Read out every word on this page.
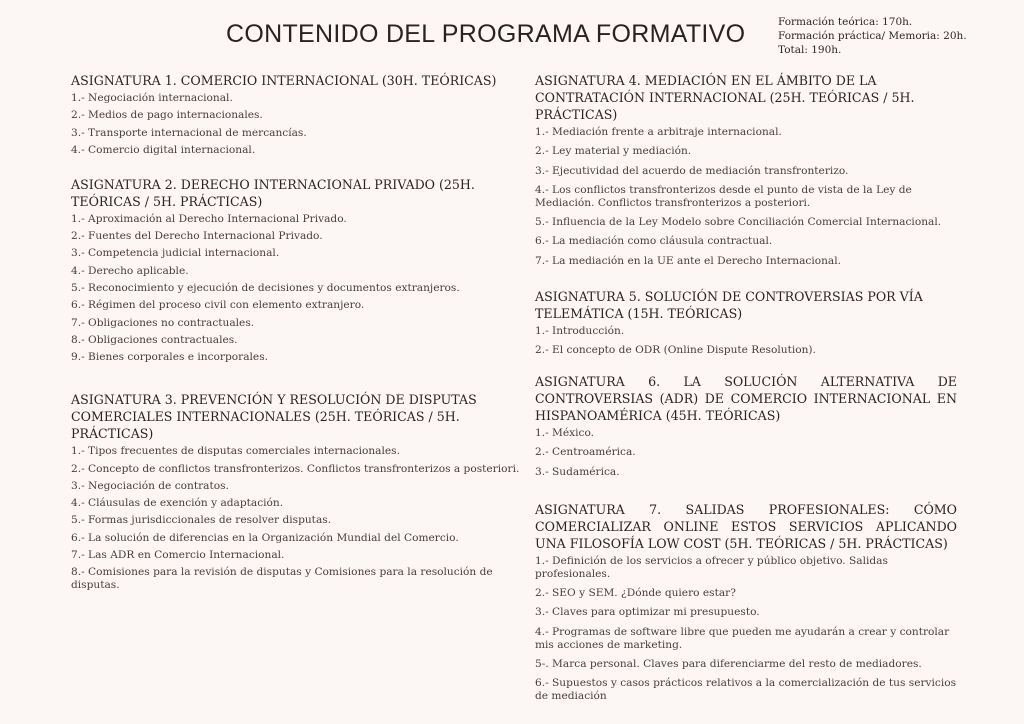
CONTENIDO DEL PROGRAMA FORMATIVO	Formación teórica: 170h.
Formación práctica/ Memoria: 20h.
Total: 190h.
ASIGNATURA 1. COMERCIO INTERNACIONAL (30H. TEÓRICAS)
1.- Negociación internacional.
2.- Medios de pago internacionales.
3.- Transporte internacional de mercancías.
4.- Comercio digital internacional.
ASIGNATURA 2. DERECHO INTERNACIONAL PRIVADO (25H. TEÓRICAS / 5H. PRÁCTICAS)
1.- Aproximación al Derecho Internacional Privado.
2.- Fuentes del Derecho Internacional Privado.
3.- Competencia judicial internacional.
4.- Derecho aplicable.
5.- Reconocimiento y ejecución de decisiones y documentos extranjeros.
6.- Régimen del proceso civil con elemento extranjero.
7.- Obligaciones no contractuales.
8.- Obligaciones contractuales.
9.- Bienes corporales e incorporales.
ASIGNATURA 3. PREVENCIÓN Y RESOLUCIÓN DE DISPUTAS COMERCIALES INTERNACIONALES (25H. TEÓRICAS / 5H. PRÁCTICAS)
1.- Tipos frecuentes de disputas comerciales internacionales.
2.- Concepto de conflictos transfronterizos. Conflictos transfronterizos a posteriori.
3.- Negociación de contratos.
4.- Cláusulas de exención y adaptación.
5.- Formas jurisdiccionales de resolver disputas.
6.- La solución de diferencias en la Organización Mundial del Comercio.
7.- Las ADR en Comercio Internacional.
8.- Comisiones para la revisión de disputas y Comisiones para la resolución de disputas.
ASIGNATURA 4. MEDIACIÓN EN EL ÁMBITO DE LA CONTRATACIÓN INTERNACIONAL (25H. TEÓRICAS / 5H. PRÁCTICAS)
1.- Mediación frente a arbitraje internacional.
2.- Ley material y mediación.
3.- Ejecutividad del acuerdo de mediación transfronterizo.
4.- Los conflictos transfronterizos desde el punto de vista de la Ley de Mediación. Conflictos transfronterizos a posteriori.
5.- Influencia de la Ley Modelo sobre Conciliación Comercial Internacional.
6.- La mediación como cláusula contractual.
7.- La mediación en la UE ante el Derecho Internacional.
ASIGNATURA 5. SOLUCIÓN DE CONTROVERSIAS POR VÍA TELEMÁTICA (15H. TEÓRICAS)
1.- Introducción.
2.- El concepto de ODR (Online Dispute Resolution).
ASIGNATURA 6. LA SOLUCIÓN ALTERNATIVA DE CONTROVERSIAS (ADR) DE COMERCIO INTERNACIONAL EN HISPANOAMÉRICA (45H. TEÓRICAS)
1.- México.
2.- Centroamérica.
3.- Sudamérica.
ASIGNATURA 7. SALIDAS PROFESIONALES: CÓMO COMERCIALIZAR ONLINE ESTOS SERVICIOS APLICANDO UNA FILOSOFÍA LOW COST (5H. TEÓRICAS / 5H. PRÁCTICAS)
1.- Definición de los servicios a ofrecer y público objetivo. Salidas profesionales.
2.- SEO y SEM. ¿Dónde quiero estar?
3.- Claves para optimizar mi presupuesto.
4.- Programas de software libre que pueden me ayudarán a crear y controlar mis acciones de marketing.
5-. Marca personal. Claves para diferenciarme del resto de mediadores.
6.- Supuestos y casos prácticos relativos a la comercialización de tus servicios de mediación
